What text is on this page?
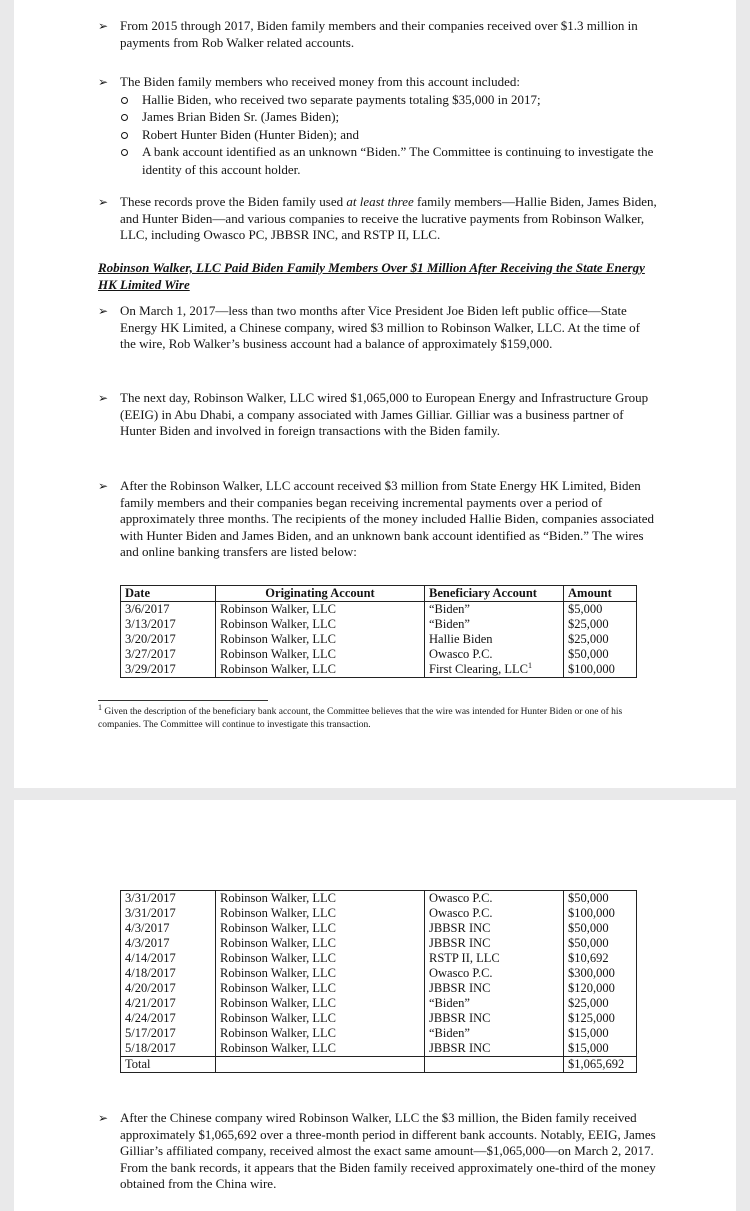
➢ From 2015 through 2017, Biden family members and their companies received over $1.3 million in payments from Rob Walker related accounts.
➢ The Biden family members who received money from this account included:
Hallie Biden, who received two separate payments totaling $35,000 in 2017;
James Brian Biden Sr. (James Biden);
Robert Hunter Biden (Hunter Biden); and
A bank account identified as an unknown “Biden.” The Committee is continuing to investigate the identity of this account holder.
➢ These records prove the Biden family used at least three family members—Hallie Biden, James Biden, and Hunter Biden—and various companies to receive the lucrative payments from Robinson Walker, LLC, including Owasco PC, JBBSR INC, and RSTP II, LLC.
Robinson Walker, LLC Paid Biden Family Members Over $1 Million After Receiving the State Energy HK Limited Wire
➢ On March 1, 2017—less than two months after Vice President Joe Biden left public office—State Energy HK Limited, a Chinese company, wired $3 million to Robinson Walker, LLC. At the time of the wire, Rob Walker’s business account had a balance of approximately $159,000.
➢ The next day, Robinson Walker, LLC wired $1,065,000 to European Energy and Infrastructure Group (EEIG) in Abu Dhabi, a company associated with James Gilliar. Gilliar was a business partner of Hunter Biden and involved in foreign transactions with the Biden family.
➢ After the Robinson Walker, LLC account received $3 million from State Energy HK Limited, Biden family members and their companies began receiving incremental payments over a period of approximately three months. The recipients of the money included Hallie Biden, companies associated with Hunter Biden and James Biden, and an unknown bank account identified as “Biden.” The wires and online banking transfers are listed below:
Date	Originating Account	Beneficiary Account	Amount
3/6/2017	Robinson Walker, LLC	“Biden”	$5,000
3/13/2017	Robinson Walker, LLC	“Biden”	$25,000
3/20/2017	Robinson Walker, LLC	Hallie Biden	$25,000
3/27/2017	Robinson Walker, LLC	Owasco P.C.	$50,000
3/29/2017	Robinson Walker, LLC	First Clearing, LLC$^1$	$100,000
$^1$ Given the description of the beneficiary bank account, the Committee believes that the wire was intended for Hunter Biden or one of his companies. The Committee will continue to investigate this transaction.
3/31/2017	Robinson Walker, LLC	Owasco P.C.	$50,000
3/31/2017	Robinson Walker, LLC	Owasco P.C.	$100,000
4/3/2017	Robinson Walker, LLC	JBBSR INC	$50,000
4/3/2017	Robinson Walker, LLC	JBBSR INC	$50,000
4/14/2017	Robinson Walker, LLC	RSTP II, LLC	$10,692
4/18/2017	Robinson Walker, LLC	Owasco P.C.	$300,000
4/20/2017	Robinson Walker, LLC	JBBSR INC	$120,000
4/21/2017	Robinson Walker, LLC	“Biden”	$25,000
4/24/2017	Robinson Walker, LLC	JBBSR INC	$125,000
5/17/2017	Robinson Walker, LLC	“Biden”	$15,000
5/18/2017	Robinson Walker, LLC	JBBSR INC	$15,000
Total			$1,065,692
➢ After the Chinese company wired Robinson Walker, LLC the $3 million, the Biden family received approximately $1,065,692 over a three-month period in different bank accounts. Notably, EEIG, James Gilliar’s affiliated company, received almost the exact same amount—$1,065,000—on March 2, 2017. From the bank records, it appears that the Biden family received approximately one-third of the money obtained from the China wire.
